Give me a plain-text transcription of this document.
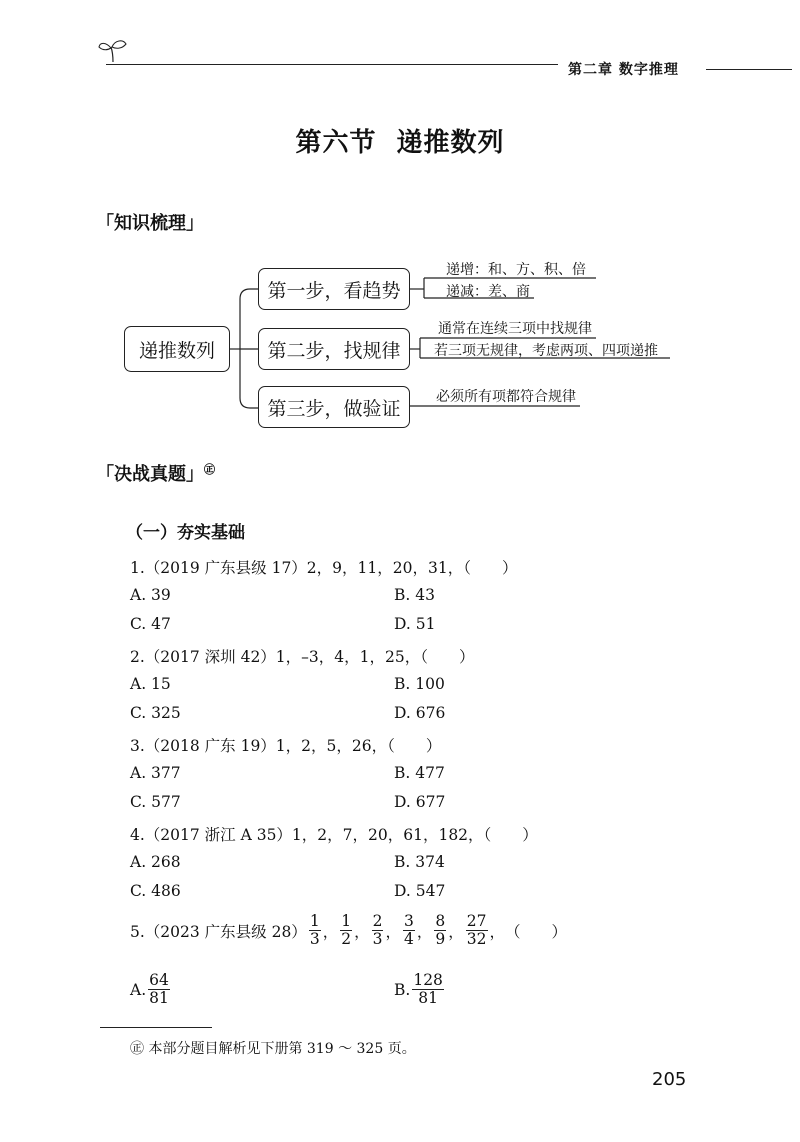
第二章 数字推理
第六节 递推数列
「知识梳理」
递推数列
第一步，看趋势
第二步，找规律
第三步，做验证
递增：和、方、积、倍
递减：差、商
通常在连续三项中找规律
若三项无规律，考虑两项、四项递推
必须所有项都符合规律
「决战真题」㊣
（一）夯实基础
1.（2019 广东县级 17）2，9，11，20，31，（　　）
A. 39	B. 43
C. 47	D. 51
2.（2017 深圳 42）1，–3，4，1，25，（　　）
A. 15	B. 100
C. 325	D. 676
3.（2018 广东 19）1，2，5，26，（　　）
A. 377	B. 477
C. 577	D. 677
4.（2017 浙江 A 35）1，2，7，20，61，182，（　　）
A. 268	B. 374
C. 486	D. 547
5.（2023 广东县级 $28) \frac{1}{3}$ ， $\frac{1}{2}$ ， $\frac{2}{3}$ ， $\frac{3}{4}$ ， $\frac{8}{9}$ ， $\frac{27}{32}$ ， （　　）
A. $\frac{64}{81}$	B. $\frac{128}{81}$
㊣ 本部分题目解析见下册第 319 ～ 325 页。
205
